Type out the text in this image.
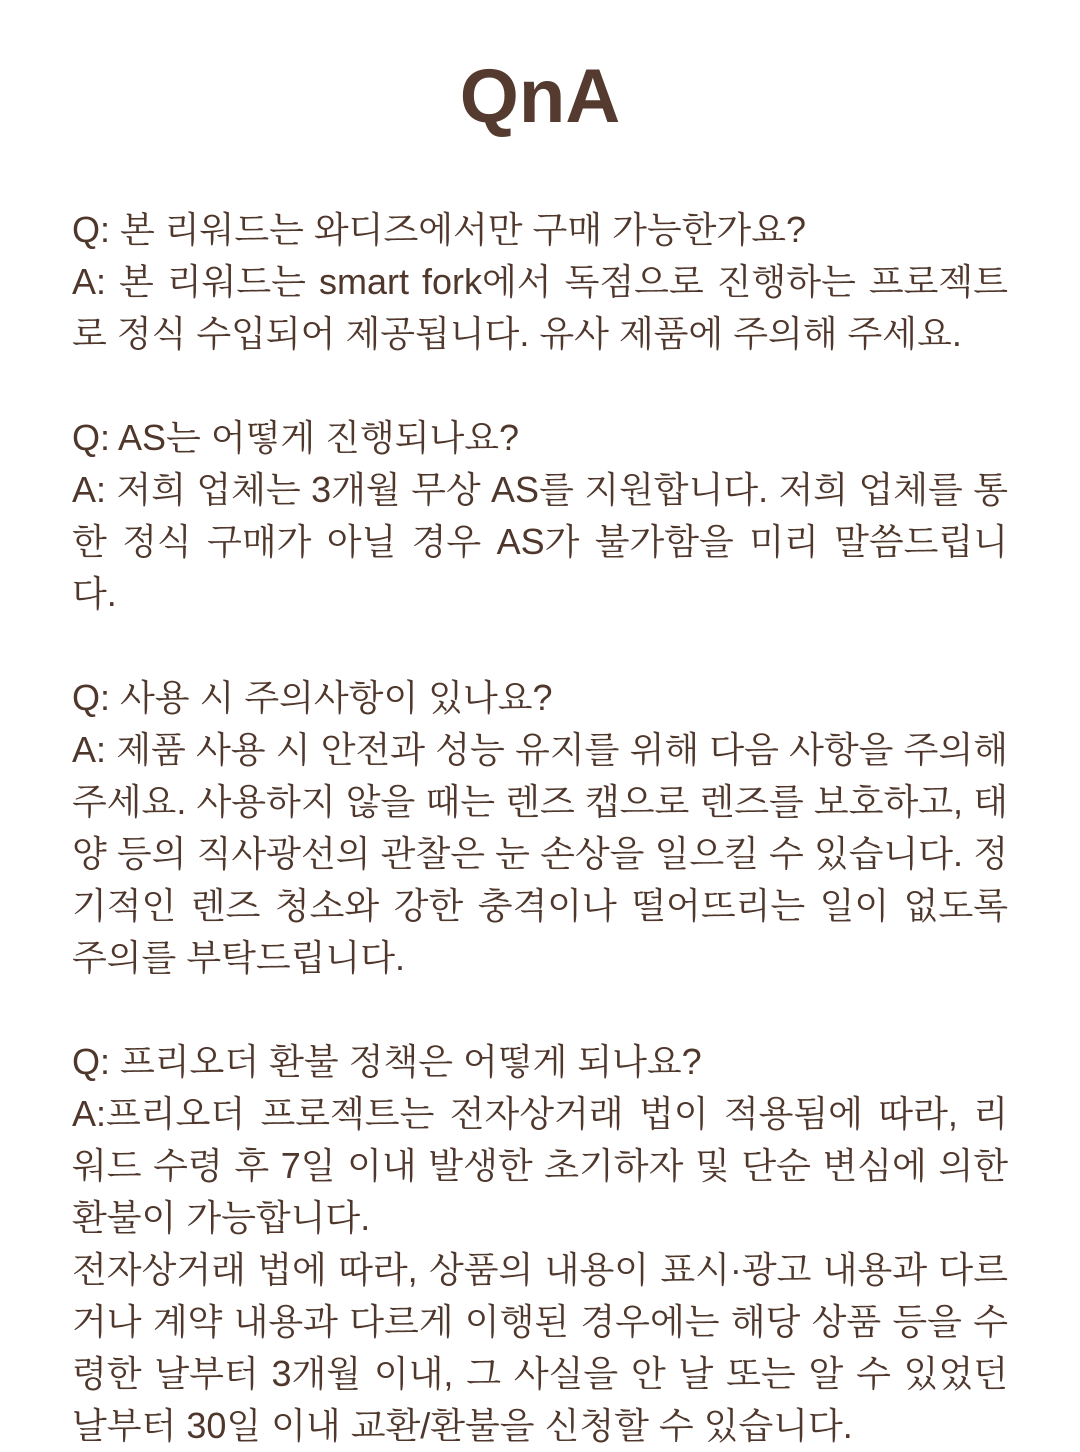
QnA

Q: 본 리워드는 와디즈에서만 구매 가능한가요?

A: 본 리워드는 smart fork에서 독점으로 진행하는 프로젝트로 정식 수입되어 제공됩니다. 유사 제품에 주의해 주세요.

Q: AS는 어떻게 진행되나요?

A: 저희 업체는 3개월 무상 AS를 지원합니다. 저희 업체를 통한 정식 구매가 아닐 경우 AS가 불가함을 미리 말씀드립니다.

Q: 사용 시 주의사항이 있나요?

A: 제품 사용 시 안전과 성능 유지를 위해 다음 사항을 주의해 주세요. 사용하지 않을 때는 렌즈 캡으로 렌즈를 보호하고, 태양 등의 직사광선의 관찰은 눈 손상을 일으킬 수 있습니다. 정기적인 렌즈 청소와 강한 충격이나 떨어뜨리는 일이 없도록 주의를 부탁드립니다.

Q: 프리오더 환불 정책은 어떻게 되나요?

A:프리오더 프로젝트는 전자상거래 법이 적용됨에 따라, 리워드 수령 후 7일 이내 발생한 초기하자 및 단순 변심에 의한 환불이 가능합니다.

전자상거래 법에 따라, 상품의 내용이 표시·광고 내용과 다르거나 계약 내용과 다르게 이행된 경우에는 해당 상품 등을 수령한 날부터 3개월 이내, 그 사실을 안 날 또는 알 수 있었던 날부터 30일 이내 교환/환불을 신청할 수 있습니다.
